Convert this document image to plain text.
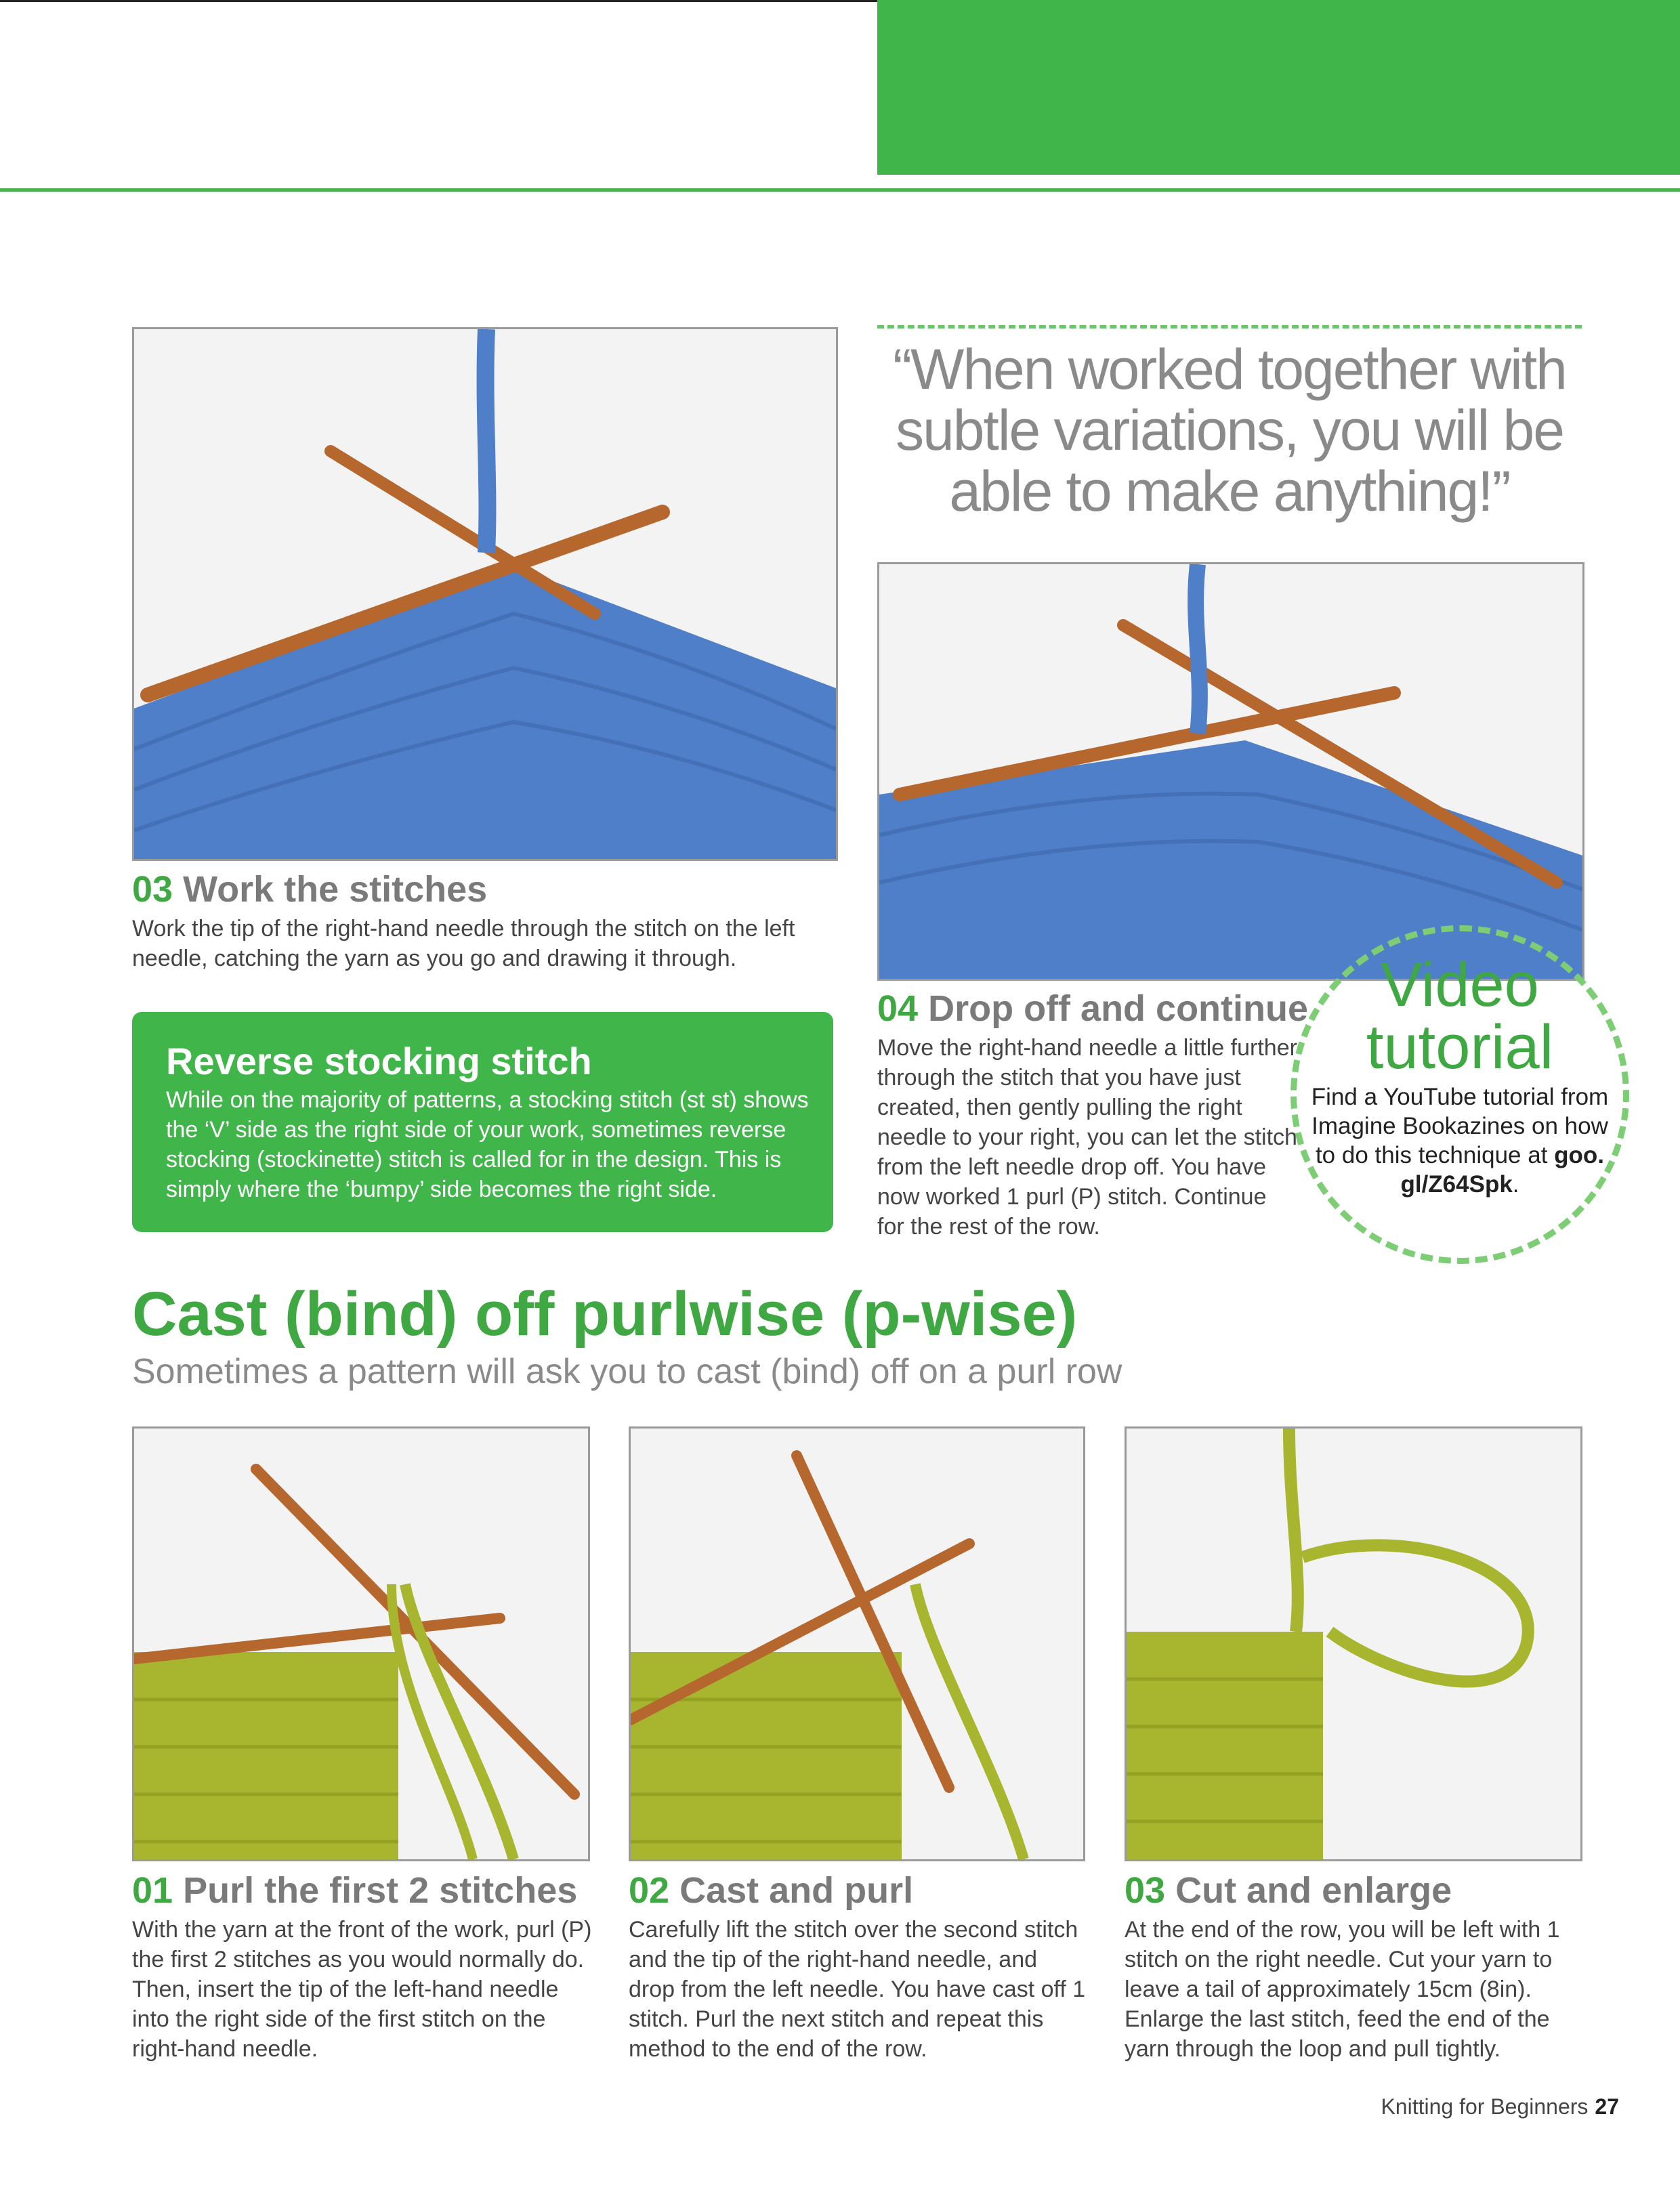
03 Work the stitches

Work the tip of the right-hand needle through the stitch on the left needle, catching the yarn as you go and drawing it through.

Reverse stocking stitch

While on the majority of patterns, a stocking stitch (st st) shows the ‘V’ side as the right side of your work, sometimes reverse stocking (stockinette) stitch is called for in the design. This is simply where the ‘bumpy’ side becomes the right side.

“When worked together with subtle variations, you will be able to make anything!”

04 Drop off and continue

Move the right-hand needle a little further through the stitch that you have just created, then gently pulling the right needle to your right, you can let the stitch from the left needle drop off. You have now worked 1 purl (P) stitch. Continue for the rest of the row.

Video
tutorial
Find a YouTube tutorial from Imagine Bookazines on how to do this technique at goo. gl/Z64Spk.
Cast (bind) off purlwise (p-wise)

Sometimes a pattern will ask you to cast (bind) off on a purl row

01 Purl the first 2 stitches

With the yarn at the front of the work, purl (P) the first 2 stitches as you would normally do. Then, insert the tip of the left-hand needle into the right side of the first stitch on the right-hand needle.

02 Cast and purl

Carefully lift the stitch over the second stitch and the tip of the right-hand needle, and drop from the left needle. You have cast off 1 stitch. Purl the next stitch and repeat this method to the end of the row.

03 Cut and enlarge

At the end of the row, you will be left with 1 stitch on the right needle. Cut your yarn to leave a tail of approximately 15cm (8in). Enlarge the last stitch, feed the end of the yarn through the loop and pull tightly.

Knitting for Beginners 27
